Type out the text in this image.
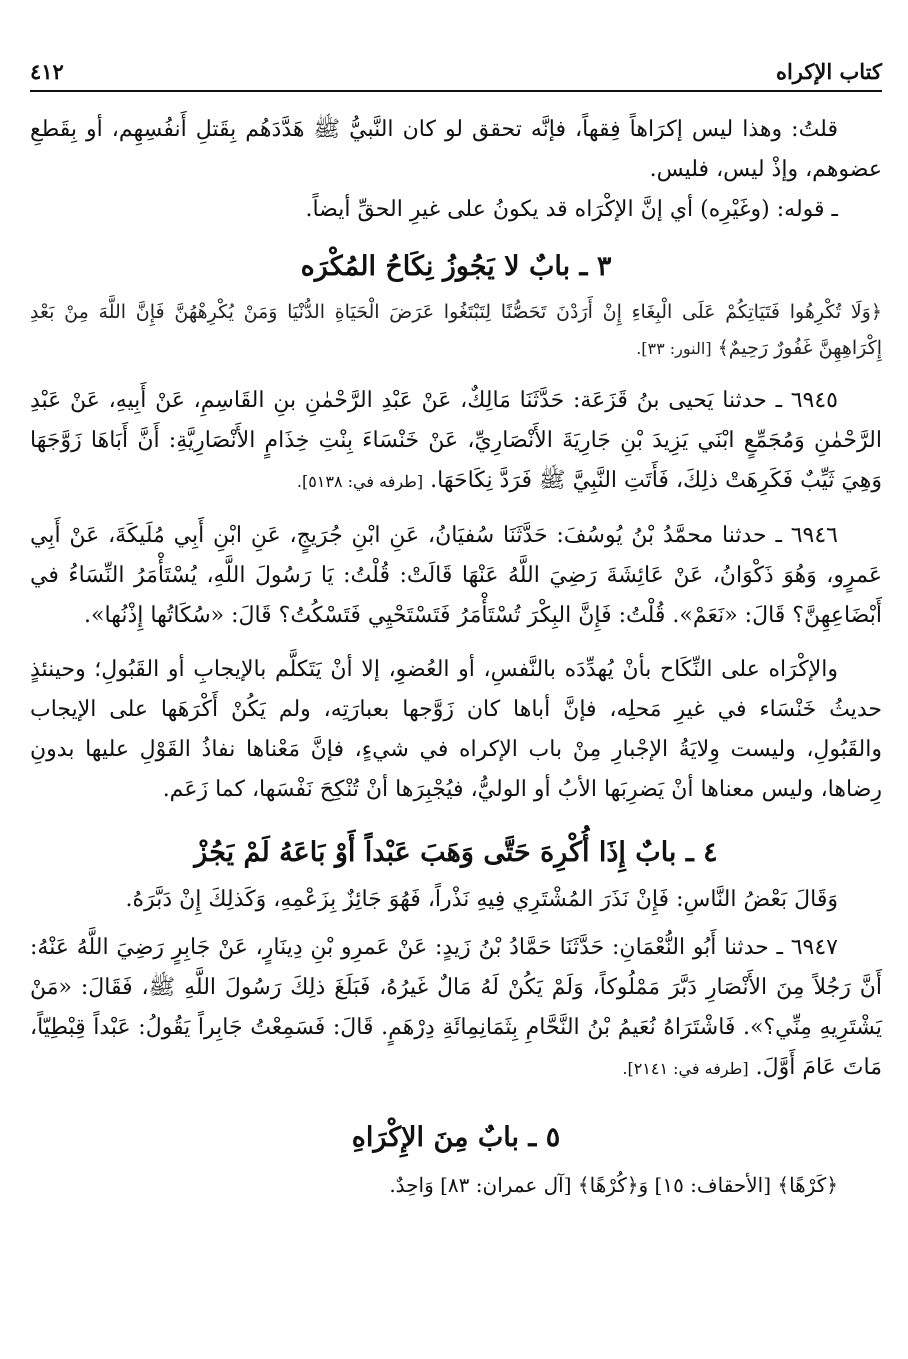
كتاب الإكراه
٤١٢

قلتُ: وهذا ليس إكرَاهاً فِقهاً، فإنَّه تحقق لو كان النَّبيُّ ﷺ هَدَّدَهُم بِقَتلِ أَنفُسِهِم، أو بِقَطعِ عضوهم، وإذْ ليس، فليس.

ـ قوله: (وغَيْرِه) أي إنَّ الإكْرَاه قد يكونُ على غيرِ الحقِّ أيضاً.

٣ ـ بابٌ لا يَجُوزُ نِكَاحُ المُكْرَه

﴿وَلَا تُكْرِهُوا فَتَيَاتِكُمْ عَلَى الْبِغَاءِ إِنْ أَرَدْنَ تَحَصُّنًا لِتَبْتَغُوا عَرَضَ الْحَيَاةِ الدُّنْيَا وَمَنْ يُكْرِهْهُنَّ فَإِنَّ اللَّهَ مِنْ بَعْدِ إِكْرَاهِهِنَّ غَفُورٌ رَحِيمٌ﴾ [النور: ٣٣].

٦٩٤٥ ـ حدثنا يَحيى بنُ قَزَعَة: حَدَّثَنَا مَالِكٌ، عَنْ عَبْدِ الرَّحْمٰنِ بنِ القَاسِمِ، عَنْ أَبِيهِ، عَنْ عَبْدِ الرَّحْمٰنِ وَمُجَمِّعٍ ابْنَي يَزِيدَ بْنِ جَارِيَةَ الأَنْصَارِيِّ، عَنْ خَنْسَاءَ بِنْتِ خِذَامٍ الأَنْصَارِيَّةِ: أَنَّ أَبَاهَا زَوَّجَهَا وَهِيَ ثَيِّبٌ فَكَرِهَتْ ذلِكَ، فَأَتَتِ النَّبِيَّ ﷺ فَرَدَّ نِكَاحَهَا. [طرفه في: ٥١٣٨].

٦٩٤٦ ـ حدثنا محمَّدُ بْنُ يُوسُفَ: حَدَّثَنَا سُفيَانُ، عَنِ ابْنِ جُرَيجٍ، عَنِ ابْنِ أَبِي مُلَيكَةَ، عَنْ أَبِي عَمرٍو، وَهُوَ ذَكْوَانُ، عَنْ عَائِشَةَ رَضِيَ اللَّهُ عَنْهَا قَالَتْ: قُلْتُ: يَا رَسُولَ اللَّهِ، يُسْتَأْمَرُ النِّسَاءُ في أَبْضَاعِهِنَّ؟ قَالَ: «نَعَمْ». قُلْتُ: فَإِنَّ البِكْرَ تُسْتَأْمَرُ فَتَسْتَحْيِي فَتَسْكُتُ؟ قَالَ: «سُكَاتُها إِذْنُها».

والإكْرَاه على النِّكَاح بأنْ يُهدِّدَه بالنَّفسِ، أو العُضوِ، إلا أنْ يَتَكلَّم بالإيجابِ أو القَبُولِ؛ وحينئذٍ حديثُ خَنْسَاء في غيرِ مَحلِه، فإنَّ أباها كان زَوَّجها بعبارَتِه، ولم يَكُنْ أَكْرَهَها على الإيجاب والقَبُولِ، وليست وِلايَةُ الإجْبارِ مِنْ باب الإكراه في شيءٍ، فإنَّ مَعْناها نفاذُ القَوْلِ عليها بدونِ رِضاها، وليس معناها أنْ يَضرِبَها الأبُ أو الوليُّ، فيُجْبِرَها أنْ تُنْكِحَ نَفْسَها، كما زَعَم.

٤ ـ بابٌ إِذَا أُكْرِهَ حَتَّى وَهَبَ عَبْداً أَوْ بَاعَهُ لَمْ يَجُزْ

وَقَالَ بَعْضُ النَّاسِ: فَإِنْ نَذَرَ المُشْتَرِي فِيهِ نَذْراً، فَهُوَ جَائِزٌ بِزَعْمِهِ، وَكَذلِكَ إِنْ دَبَّرَهُ.

٦٩٤٧ ـ حدثنا أَبُو النُّعْمَانِ: حَدَّثَنَا حَمَّادُ بْنُ زَيدٍ: عَنْ عَمرِو بْنِ دِينَارٍ، عَنْ جَابِرٍ رَضِيَ اللَّهُ عَنْهُ: أَنَّ رَجُلاً مِنَ الأَنْصَارِ دَبَّرَ مَمْلُوكاً، وَلَمْ يَكُنْ لَهُ مَالٌ غَيرُهُ، فَبَلَغَ ذلِكَ رَسُولَ اللَّهِ ﷺ، فَقَالَ: «مَنْ يَشْتَرِيهِ مِنِّي؟». فَاشْتَرَاهُ نُعَيمُ بْنُ النَّحَّامِ بِثَمَانِمِائَةِ دِرْهَمٍ. قَالَ: فَسَمِعْتُ جَابِراً يَقُولُ: عَبْداً قِبْطِيّاً، مَاتَ عَامَ أَوَّلَ. [طرفه في: ٢١٤١].

٥ ـ بابٌ مِنَ الإِكْرَاهِ

﴿كَرْهًا﴾ [الأحقاف: ١٥] وَ﴿كُرْهًا﴾ [آل عمران: ٨٣] وَاحِدٌ.
